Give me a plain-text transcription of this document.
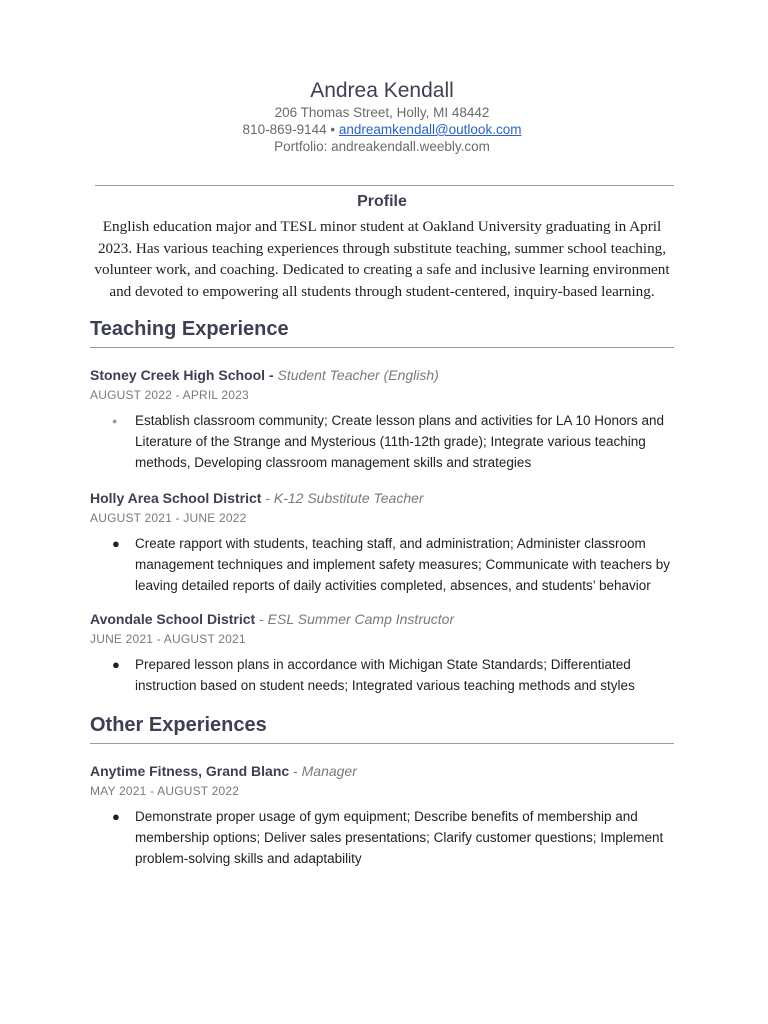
Andrea Kendall
206 Thomas Street, Holly, MI 48442
810-869-9144 • andreamkendall@outlook.com
Portfolio: andreakendall.weebly.com
Profile
English education major and TESL minor student at Oakland University graduating in April 2023. Has various teaching experiences through substitute teaching, summer school teaching, volunteer work, and coaching. Dedicated to creating a safe and inclusive learning environment and devoted to empowering all students through student-centered, inquiry-based learning.
Teaching Experience
Stoney Creek High School - Student Teacher (English)
AUGUST 2022 - APRIL 2023
● Establish classroom community; Create lesson plans and activities for LA 10 Honors and Literature of the Strange and Mysterious (11th-12th grade); Integrate various teaching methods, Developing classroom management skills and strategies
Holly Area School District - K-12 Substitute Teacher
AUGUST 2021 - JUNE 2022
● Create rapport with students, teaching staff, and administration; Administer classroom management techniques and implement safety measures; Communicate with teachers by leaving detailed reports of daily activities completed, absences, and students’ behavior
Avondale School District - ESL Summer Camp Instructor
JUNE 2021 - AUGUST 2021
● Prepared lesson plans in accordance with Michigan State Standards; Differentiated instruction based on student needs; Integrated various teaching methods and styles
Other Experiences
Anytime Fitness, Grand Blanc - Manager
MAY 2021 - AUGUST 2022
● Demonstrate proper usage of gym equipment; Describe benefits of membership and membership options; Deliver sales presentations; Clarify customer questions; Implement problem-solving skills and adaptability
